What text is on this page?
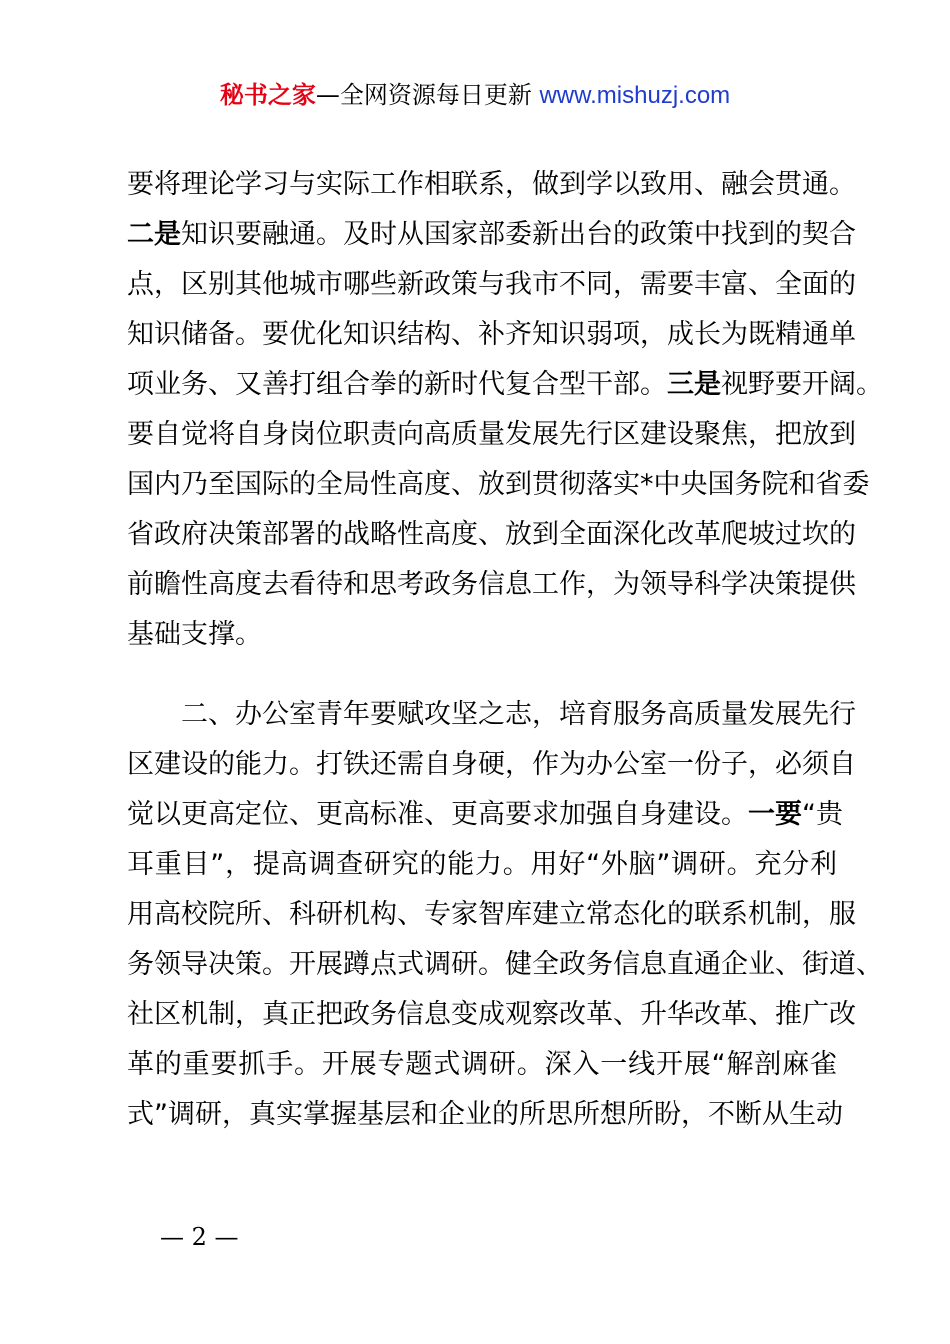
秘书之家—全网资源每日更新 www.mishuzj.com
要将理论学习与实际工作相联系，做到学以致用、融会贯通。
二是知识要融通。及时从国家部委新出台的政策中找到的契合
点，区别其他城市哪些新政策与我市不同，需要丰富、全面的
知识储备。要优化知识结构、补齐知识弱项，成长为既精通单
项业务、又善打组合拳的新时代复合型干部。三是视野要开阔。
要自觉将自身岗位职责向高质量发展先行区建设聚焦，把放到
国内乃至国际的全局性高度、放到贯彻落实*中央国务院和省委
省政府决策部署的战略性高度、放到全面深化改革爬坡过坎的
前瞻性高度去看待和思考政务信息工作，为领导科学决策提供
基础支撑。
二、办公室青年要赋攻坚之志，培育服务高质量发展先行
区建设的能力。打铁还需自身硬，作为办公室一份子，必须自
觉以更高定位、更高标准、更高要求加强自身建设。一要“贵
耳重目”，提高调查研究的能力。用好“外脑”调研。充分利
用高校院所、科研机构、专家智库建立常态化的联系机制，服
务领导决策。开展蹲点式调研。健全政务信息直通企业、街道、
社区机制，真正把政务信息变成观察改革、升华改革、推广改
革的重要抓手。开展专题式调研。深入一线开展“解剖麻雀
式”调研，真实掌握基层和企业的所思所想所盼，不断从生动
— 2 —
